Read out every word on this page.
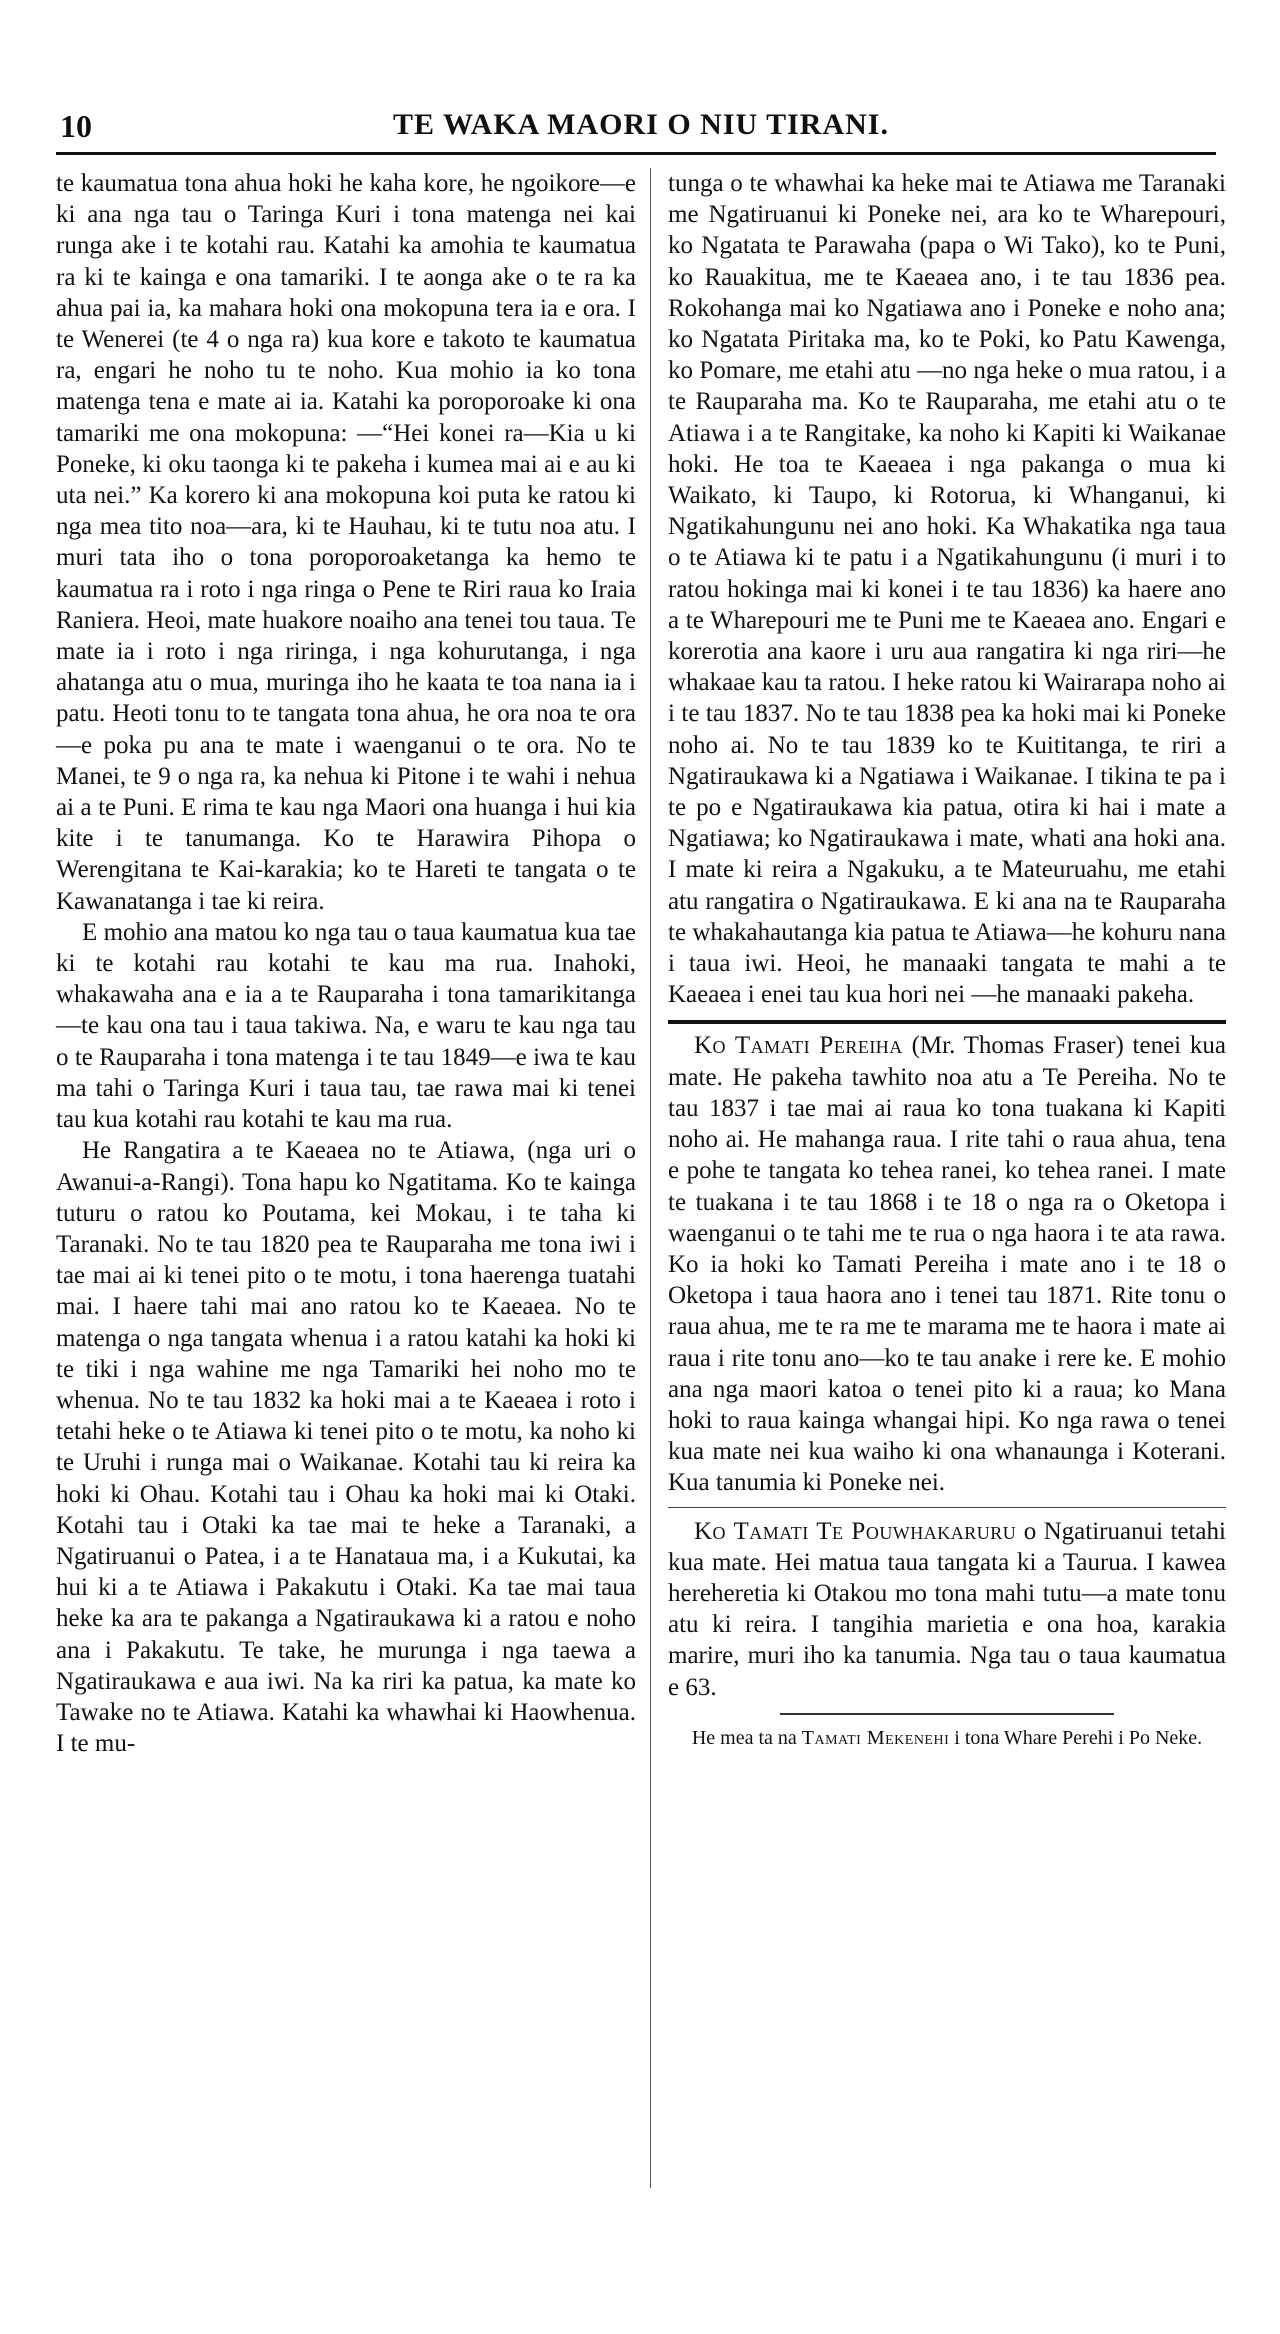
10	TE WAKA MAORI O NIU TIRANI.

te kaumatua tona ahua hoki he kaha kore, he ngoikore—e ki ana nga tau o Taringa Kuri i tona matenga nei kai runga ake i te kotahi rau. Katahi ka amohia te kaumatua ra ki te kainga e ona tamariki. I te aonga ake o te ra ka ahua pai ia, ka mahara hoki ona mokopuna tera ia e ora. I te Wenerei (te 4 o nga ra) kua kore e takoto te kaumatua ra, engari he noho tu te noho. Kua mohio ia ko tona matenga tena e mate ai ia. Katahi ka poroporoake ki ona tamariki me ona mokopuna: —“Hei konei ra—Kia u ki Poneke, ki oku taonga ki te pakeha i kumea mai ai e au ki uta nei.” Ka korero ki ana mokopuna koi puta ke ratou ki nga mea tito noa—ara, ki te Hauhau, ki te tutu noa atu. I muri tata iho o tona poroporoaketanga ka hemo te kaumatua ra i roto i nga ringa o Pene te Riri raua ko Iraia Raniera. Heoi, mate huakore noaiho ana tenei tou taua. Te mate ia i roto i nga riringa, i nga kohurutanga, i nga ahatanga atu o mua, muringa iho he kaata te toa nana ia i patu. Heoti tonu to te tangata tona ahua, he ora noa te ora—e poka pu ana te mate i waenganui o te ora. No te Manei, te 9 o nga ra, ka nehua ki Pitone i te wahi i nehua ai a te Puni. E rima te kau nga Maori ona huanga i hui kia kite i te tanumanga. Ko te Harawira Pihopa o Werengitana te Kai-karakia; ko te Hareti te tangata o te Kawanatanga i tae ki reira.

E mohio ana matou ko nga tau o taua kaumatua kua tae ki te kotahi rau kotahi te kau ma rua. Inahoki, whakawaha ana e ia a te Rauparaha i tona tamarikitanga —te kau ona tau i taua takiwa. Na, e waru te kau nga tau o te Rauparaha i tona matenga i te tau 1849—e iwa te kau ma tahi o Taringa Kuri i taua tau, tae rawa mai ki tenei tau kua kotahi rau kotahi te kau ma rua.

He Rangatira a te Kaeaea no te Atiawa, (nga uri o Awanui-a-Rangi). Tona hapu ko Ngatitama. Ko te kainga tuturu o ratou ko Poutama, kei Mokau, i te taha ki Taranaki. No te tau 1820 pea te Rauparaha me tona iwi i tae mai ai ki tenei pito o te motu, i tona haerenga tuatahi mai. I haere tahi mai ano ratou ko te Kaeaea. No te matenga o nga tangata whenua i a ratou katahi ka hoki ki te tiki i nga wahine me nga Tamariki hei noho mo te whenua. No te tau 1832 ka hoki mai a te Kaeaea i roto i tetahi heke o te Atiawa ki tenei pito o te motu, ka noho ki te Uruhi i runga mai o Waikanae. Kotahi tau ki reira ka hoki ki Ohau. Kotahi tau i Ohau ka hoki mai ki Otaki. Kotahi tau i Otaki ka tae mai te heke a Taranaki, a Ngatiruanui o Patea, i a te Hanataua ma, i a Kukutai, ka hui ki a te Atiawa i Pakakutu i Otaki. Ka tae mai taua heke ka ara te pakanga a Ngatiraukawa ki a ratou e noho ana i Pakakutu. Te take, he murunga i nga taewa a Ngatiraukawa e aua iwi. Na ka riri ka patua, ka mate ko Tawake no te Atiawa. Katahi ka whawhai ki Haowhenua. I te mu-

tunga o te whawhai ka heke mai te Atiawa me Taranaki me Ngatiruanui ki Poneke nei, ara ko te Wharepouri, ko Ngatata te Parawaha (papa o Wi Tako), ko te Puni, ko Rauakitua, me te Kaeaea ano, i te tau 1836 pea. Rokohanga mai ko Ngatiawa ano i Poneke e noho ana; ko Ngatata Piritaka ma, ko te Poki, ko Patu Kawenga, ko Pomare, me etahi atu —no nga heke o mua ratou, i a te Rauparaha ma. Ko te Rauparaha, me etahi atu o te Atiawa i a te Rangitake, ka noho ki Kapiti ki Waikanae hoki. He toa te Kaeaea i nga pakanga o mua ki Waikato, ki Taupo, ki Rotorua, ki Whanganui, ki Ngatikahungunu nei ano hoki. Ka Whakatika nga taua o te Atiawa ki te patu i a Ngatikahungunu (i muri i to ratou hokinga mai ki konei i te tau 1836) ka haere ano a te Wharepouri me te Puni me te Kaeaea ano. Engari e korerotia ana kaore i uru aua rangatira ki nga riri—he whakaae kau ta ratou. I heke ratou ki Wairarapa noho ai i te tau 1837. No te tau 1838 pea ka hoki mai ki Poneke noho ai. No te tau 1839 ko te Kuititanga, te riri a Ngatiraukawa ki a Ngatiawa i Waikanae. I tikina te pa i te po e Ngatiraukawa kia patua, otira ki hai i mate a Ngatiawa; ko Ngatiraukawa i mate, whati ana hoki ana. I mate ki reira a Ngakuku, a te Mateuruahu, me etahi atu rangatira o Ngatiraukawa. E ki ana na te Rauparaha te whakahautanga kia patua te Atiawa—he kohuru nana i taua iwi. Heoi, he manaaki tangata te mahi a te Kaeaea i enei tau kua hori nei —he manaaki pakeha.

Ko Tamati Pereiha (Mr. Thomas Fraser) tenei kua mate. He pakeha tawhito noa atu a Te Pereiha. No te tau 1837 i tae mai ai raua ko tona tuakana ki Kapiti noho ai. He mahanga raua. I rite tahi o raua ahua, tena e pohe te tangata ko tehea ranei, ko tehea ranei. I mate te tuakana i te tau 1868 i te 18 o nga ra o Oketopa i waenganui o te tahi me te rua o nga haora i te ata rawa. Ko ia hoki ko Tamati Pereiha i mate ano i te 18 o Oketopa i taua haora ano i tenei tau 1871. Rite tonu o raua ahua, me te ra me te marama me te haora i mate ai raua i rite tonu ano—ko te tau anake i rere ke. E mohio ana nga maori katoa o tenei pito ki a raua; ko Mana hoki to raua kainga whangai hipi. Ko nga rawa o tenei kua mate nei kua waiho ki ona whanaunga i Koterani. Kua tanumia ki Poneke nei.

Ko Tamati Te Pouwhakaruru o Ngatiruanui tetahi kua mate. Hei matua taua tangata ki a Taurua. I kawea hereheretia ki Otakou mo tona mahi tutu—a mate tonu atu ki reira. I tangihia marietia e ona hoa, karakia marire, muri iho ka tanumia. Nga tau o taua kaumatua e 63.

He mea ta na Tamati Mekenehi i tona Whare Perehi i Po Neke.
